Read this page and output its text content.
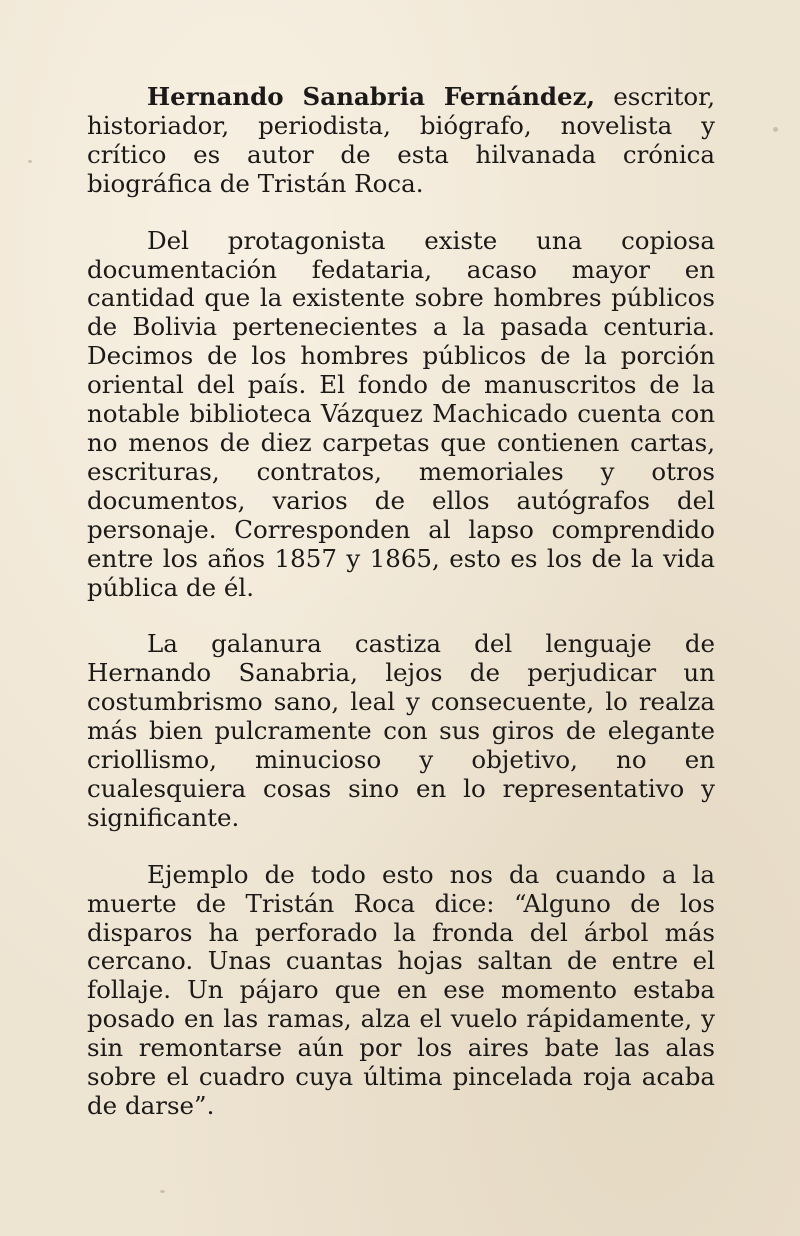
Hernando Sanabria Fernández, escritor, historiador, periodista, biógrafo, novelista y crítico es autor de esta hilvanada crónica biográfica de Tristán Roca.

Del protagonista existe una copiosa documentación fedataria, acaso mayor en cantidad que la existente sobre hombres públicos de Bolivia pertenecientes a la pasada centuria. Decimos de los hombres públicos de la porción oriental del país. El fondo de manuscritos de la notable biblioteca Vázquez Machicado cuenta con no menos de diez carpetas que contienen cartas, escrituras, contratos, memoriales y otros documentos, varios de ellos autógrafos del personaje. Corresponden al lapso comprendido entre los años 1857 y 1865, esto es los de la vida pública de él.

La galanura castiza del lenguaje de Hernando Sanabria, lejos de perjudicar un costumbrismo sano, leal y consecuente, lo realza más bien pulcramente con sus giros de elegante criollismo, minucioso y objetivo, no en cualesquiera cosas sino en lo representativo y significante.

Ejemplo de todo esto nos da cuando a la muerte de Tristán Roca dice: “Alguno de los disparos ha perforado la fronda del árbol más cercano. Unas cuantas hojas saltan de entre el follaje. Un pájaro que en ese momento estaba posado en las ramas, alza el vuelo rápidamente, y sin remontarse aún por los aires bate las alas sobre el cuadro cuya última pincelada roja acaba de darse”.
